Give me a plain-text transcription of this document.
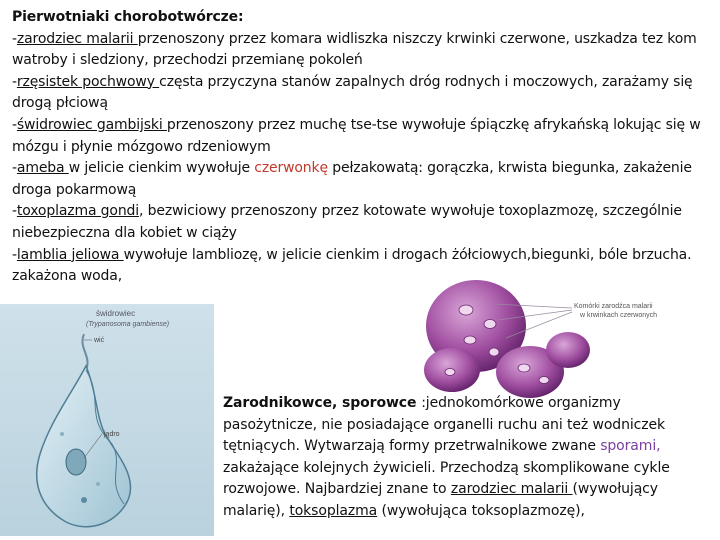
Pierwotniaki chorobotwórcze:

-zarodziec malarii przenoszony przez komara widliszka niszczy krwinki czerwone, uszkadza tez kom watroby i sledziony, przechodzi przemianę pokoleń

-rzęsistek pochwowy częsta przyczyna stanów zapalnych dróg rodnych i moczowych, zarażamy się drogą płciową

-świdrowiec gambijski przenoszony przez muchę tse-tse wywołuje śpiączkę afrykańską lokując się w mózgu i płynie mózgowo rdzeniowym

-ameba w jelicie cienkim wywołuje czerwonkę pełzakowatą: gorączka, krwista biegunka, zakażenie droga pokarmową

-toxoplazma gondi, bezwiciowy przenoszony przez kotowate wywołuje toxoplazmozę, szczególnie niebezpieczna dla kobiet w ciąży

-lamblia jeliowa wywołuje lambliozę, w jelicie cienkim i drogach żółciowych,biegunki, bóle brzucha. zakażona woda,

świdrowiec
(Trypanosoma gambiense)
wić
jądro
Komórki zarodźca malarii
w krwinkach czerwonych

Zarodnikowce, sporowce :jednokomórkowe organizmy pasożytnicze, nie posiadające organelli ruchu ani też wodniczek tętniących. Wytwarzają formy przetrwalnikowe zwane sporami, zakażające kolejnych żywicieli. Przechodzą skomplikowane cykle rozwojowe. Najbardziej znane to zarodziec malarii (wywołujący malarię), toksoplazma (wywołująca toksoplazmozę),
